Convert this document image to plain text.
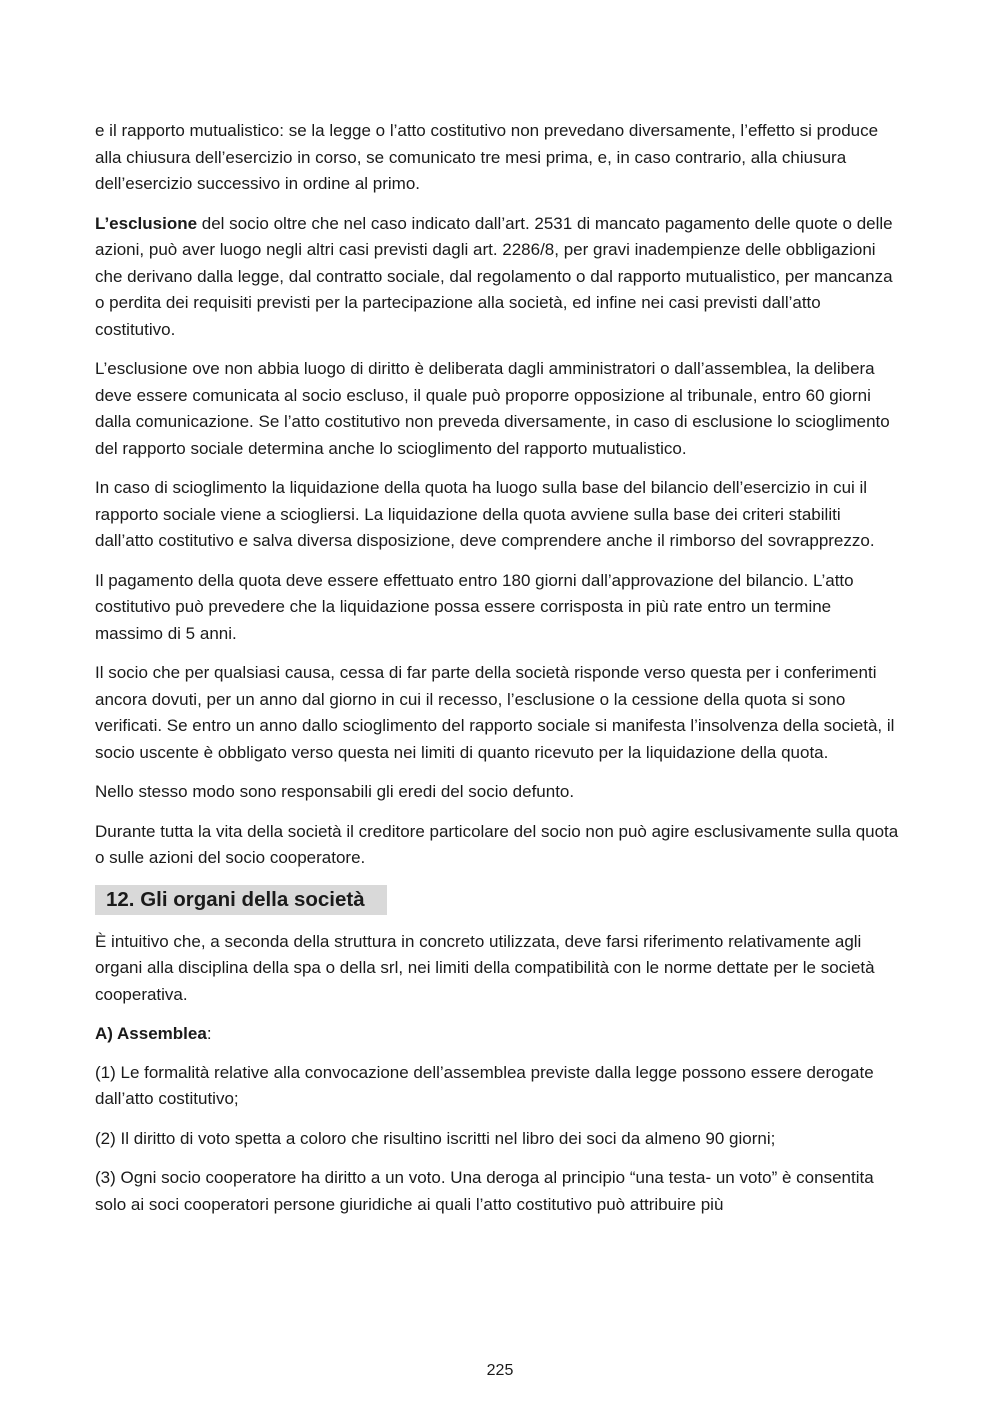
e il rapporto mutualistico: se la legge o l’atto costitutivo non prevedano diversamente, l’effetto si produce alla chiusura dell’esercizio in corso, se comunicato tre mesi prima, e, in caso contrario, alla chiusura dell’esercizio successivo in ordine al primo.

L’esclusione del socio oltre che nel caso indicato dall’art. 2531 di mancato pagamento delle quote o delle azioni, può aver luogo negli altri casi previsti dagli art. 2286/8, per gravi inadempienze delle obbligazioni che derivano dalla legge, dal contratto sociale, dal regolamento o dal rapporto mutualistico, per mancanza o perdita dei requisiti previsti per la partecipazione alla società, ed infine nei casi previsti dall’atto costitutivo.

L’esclusione ove non abbia luogo di diritto è deliberata dagli amministratori o dall’assemblea, la delibera deve essere comunicata al socio escluso, il quale può proporre opposizione al tribunale, entro 60 giorni dalla comunicazione. Se l’atto costitutivo non preveda diversamente, in caso di esclusione lo scioglimento del rapporto sociale determina anche lo scioglimento del rapporto mutualistico.

In caso di scioglimento la liquidazione della quota ha luogo sulla base del bilancio dell’esercizio in cui il rapporto sociale viene a sciogliersi. La liquidazione della quota avviene sulla base dei criteri stabiliti dall’atto costitutivo e salva diversa disposizione, deve comprendere anche il rimborso del sovrapprezzo.

Il pagamento della quota deve essere effettuato entro 180 giorni dall’approvazione del bilancio. L’atto costitutivo può prevedere che la liquidazione possa essere corrisposta in più rate entro un termine massimo di 5 anni.

Il socio che per qualsiasi causa, cessa di far parte della società risponde verso questa per i conferimenti ancora dovuti, per un anno dal giorno in cui il recesso, l’esclusione o la cessione della quota si sono verificati. Se entro un anno dallo scioglimento del rapporto sociale si manifesta l’insolvenza della società, il socio uscente è obbligato verso questa nei limiti di quanto ricevuto per la liquidazione della quota.

Nello stesso modo sono responsabili gli eredi del socio defunto.

Durante tutta la vita della società il creditore particolare del socio non può agire esclusivamente sulla quota o sulle azioni del socio cooperatore.

12. Gli organi della società

È intuitivo che, a seconda della struttura in concreto utilizzata, deve farsi riferimento relativamente agli organi alla disciplina della spa o della srl, nei limiti della compatibilità con le norme dettate per le società cooperativa.

A) Assemblea:

(1) Le formalità relative alla convocazione dell’assemblea previste dalla legge possono essere derogate dall’atto costitutivo;

(2) Il diritto di voto spetta a coloro che risultino iscritti nel libro dei soci da almeno 90 giorni;

(3) Ogni socio cooperatore ha diritto a un voto. Una deroga al principio “una testa- un voto” è consentita solo ai soci cooperatori persone giuridiche ai quali l’atto costitutivo può attribuire più

225
